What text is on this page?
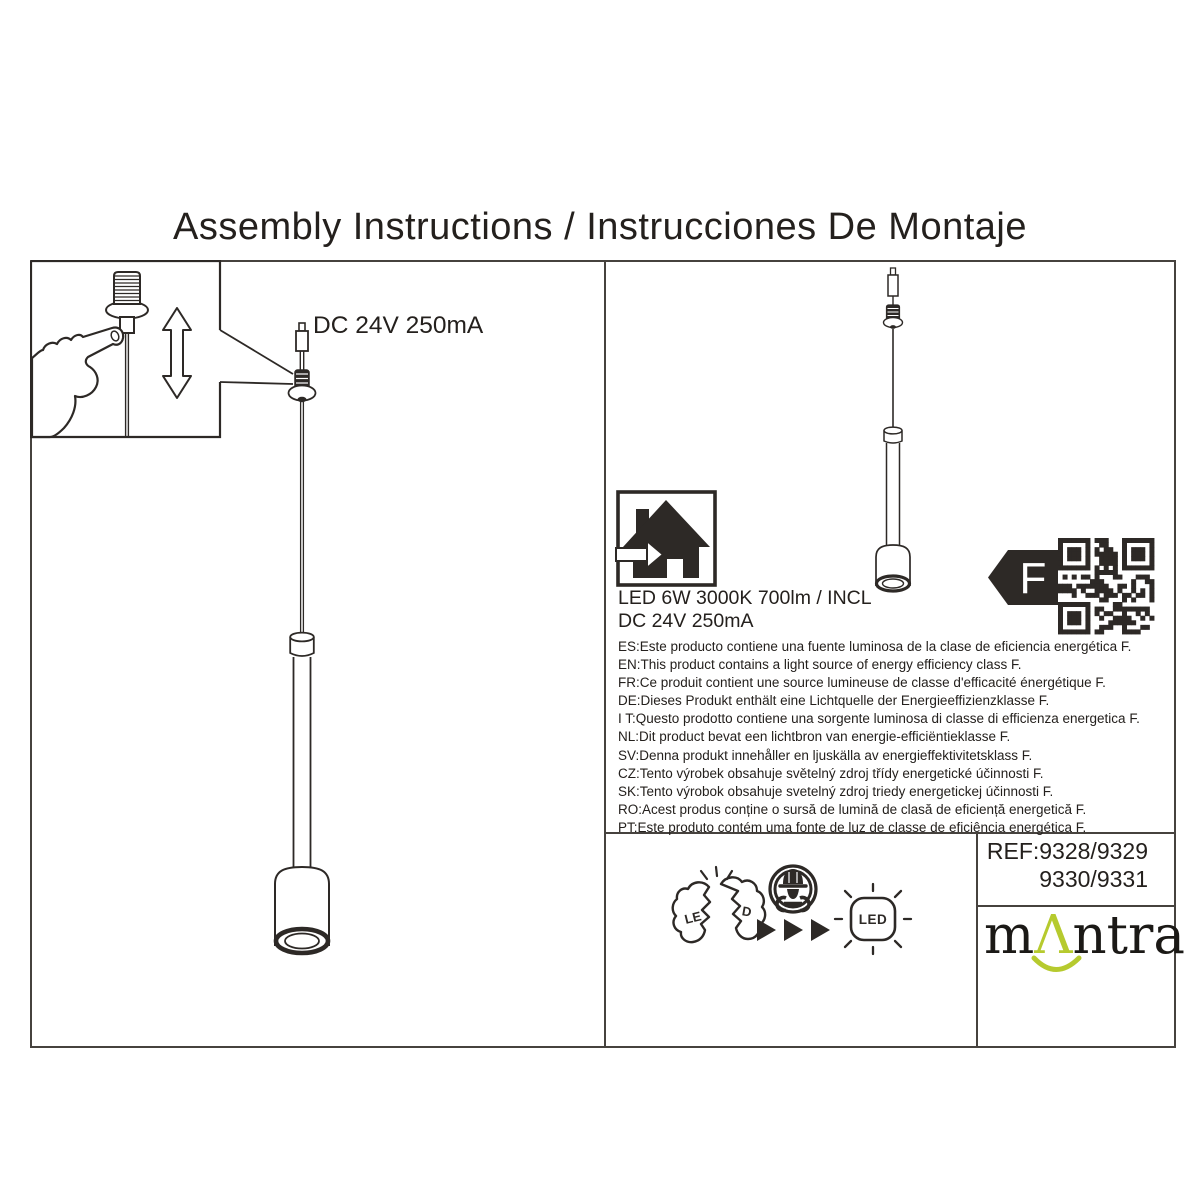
Assembly Instructions / Instrucciones De Montaje
F
LE	D	LED
DC 24V 250mA
LED 6W 3000K 700lm / INCL
DC 24V 250mA
ES:Este producto contiene una fuente luminosa de la clase de eficiencia energética F.
EN:This product contains a light source of energy efficiency class F.
FR:Ce produit contient une source lumineuse de classe d'efficacité énergétique F.
DE:Dieses Produkt enthält eine Lichtquelle der Energieeffizienzklasse F.
I T:Questo prodotto contiene una sorgente luminosa di classe di efficienza energetica F.
NL:Dit product bevat een lichtbron van energie-efficiëntieklasse F.
SV:Denna produkt innehåller en ljuskälla av energieffektivitetsklass F.
CZ:Tento výrobek obsahuje světelný zdroj třídy energetické účinnosti F.
SK:Tento výrobok obsahuje svetelný zdroj triedy energetickej účinnosti F.
RO:Acest produs conține o sursă de lumină de clasă de eficiență energetică F.
PT:Este produto contém uma fonte de luz de classe de eficiência energética F.
REF:9328/9329
9330/9331
mΛntra
